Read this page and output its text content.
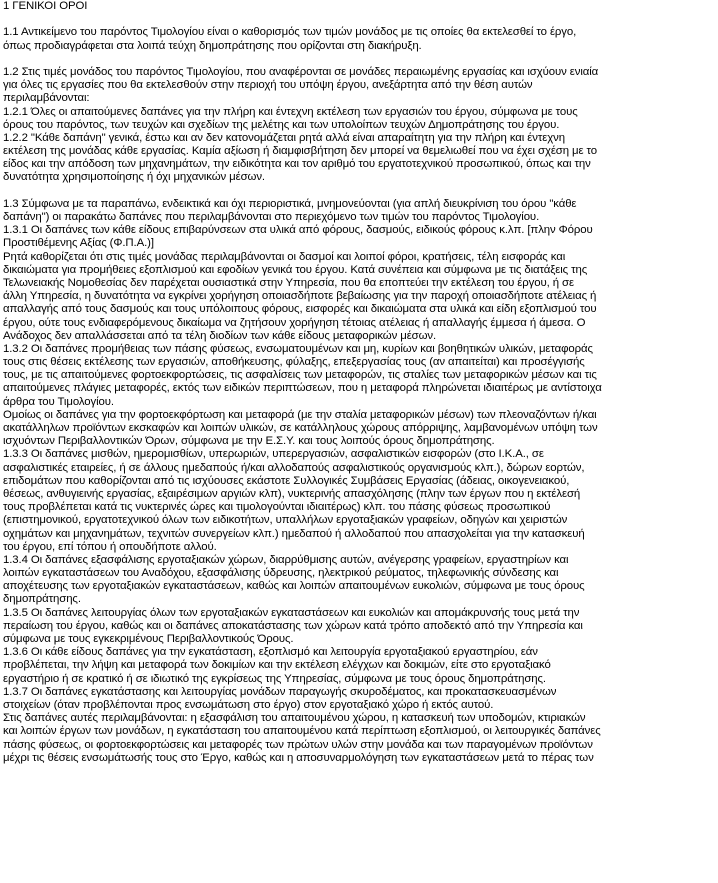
1 ΓΕΝΙΚΟΙ ΟΡΟΙ
1.1 Αντικείμενο του παρόντος Τιμολογίου είναι ο καθορισμός των τιμών μονάδος με τις οποίες θα εκτελεσθεί το έργο,
όπως προδιαγράφεται στα λοιπά τεύχη δημοπράτησης που ορίζονται στη διακήρυξη.
1.2 Στις τιμές μονάδος του παρόντος Τιμολογίου, που αναφέρονται σε μονάδες περαιωμένης εργασίας και ισχύουν ενιαία
για όλες τις εργασίες που θα εκτελεσθούν στην περιοχή του υπόψη έργου, ανεξάρτητα από την θέση αυτών
περιλαμβάνονται:
1.2.1 Όλες οι απαιτούμενες δαπάνες για την πλήρη και έντεχνη εκτέλεση των εργασιών του έργου, σύμφωνα με τους
όρους του παρόντος, των τευχών και σχεδίων της μελέτης και των υπολοίπων τευχών Δημοπράτησης του έργου.
1.2.2 "Κάθε δαπάνη" γενικά, έστω και αν δεν κατονομάζεται ρητά αλλά είναι απαραίτητη για την πλήρη και έντεχνη
εκτέλεση της μονάδας κάθε εργασίας. Καμία αξίωση ή διαμφισβήτηση δεν μπορεί να θεμελιωθεί που να έχει σχέση με το
είδος και την απόδοση των μηχανημάτων, την ειδικότητα και τον αριθμό του εργατοτεχνικού προσωπικού, όπως και την
δυνατότητα χρησιμοποίησης ή όχι μηχανικών μέσων.
1.3 Σύμφωνα με τα παραπάνω, ενδεικτικά και όχι περιοριστικά, μνημονεύονται (για απλή διευκρίνιση του όρου "κάθε
δαπάνη") οι παρακάτω δαπάνες που περιλαμβάνονται στο περιεχόμενο των τιμών του παρόντος Τιμολογίου.
1.3.1 Οι δαπάνες των κάθε είδους επιβαρύνσεων στα υλικά από φόρους, δασμούς, ειδικούς φόρους κ.λπ. [πλην Φόρου
Προστιθέμενης Αξίας (Φ.Π.Α.)]
Ρητά καθορίζεται ότι στις τιμές μονάδας περιλαμβάνονται οι δασμοί και λοιποί φόροι, κρατήσεις, τέλη εισφοράς και
δικαιώματα για προμήθειες εξοπλισμού και εφοδίων γενικά του έργου. Κατά συνέπεια και σύμφωνα με τις διατάξεις της
Τελωνειακής Νομοθεσίας δεν παρέχεται ουσιαστικά στην Υπηρεσία, που θα εποπτεύει την εκτέλεση του έργου, ή σε
άλλη Υπηρεσία, η δυνατότητα να εγκρίνει χορήγηση οποιασδήποτε βεβαίωσης για την παροχή οποιασδήποτε ατέλειας ή
απαλλαγής από τους δασμούς και τους υπόλοιπους φόρους, εισφορές και δικαιώματα στα υλικά και είδη εξοπλισμού του
έργου, ούτε τους ενδιαφερόμενους δικαίωμα να ζητήσουν χορήγηση τέτοιας ατέλειας ή απαλλαγής έμμεσα ή άμεσα. Ο
Ανάδοχος δεν απαλλάσσεται από τα τέλη διοδίων των κάθε είδους μεταφορικών μέσων.
1.3.2 Οι δαπάνες προμήθειας των πάσης φύσεως, ενσωματουμένων και μη, κυρίων και βοηθητικών υλικών, μεταφοράς
τους στις θέσεις εκτέλεσης των εργασιών, αποθήκευσης, φύλαξης, επεξεργασίας τους (αν απαιτείται) και προσέγγισής
τους, με τις απαιτούμενες φορτοεκφορτώσεις, τις ασφαλίσεις των μεταφορών, τις σταλίες των μεταφορικών μέσων και τις
απαιτούμενες πλάγιες μεταφορές, εκτός των ειδικών περιπτώσεων, που η μεταφορά πληρώνεται ιδιαιτέρως με αντίστοιχα
άρθρα του Τιμολογίου.
Ομοίως οι δαπάνες για την φορτοεκφόρτωση και μεταφορά (με την σταλία μεταφορικών μέσων) των πλεοναζόντων ή/και
ακατάλληλων προϊόντων εκσκαφών και λοιπών υλικών, σε κατάλληλους χώρους απόρριψης, λαμβανομένων υπόψη των
ισχυόντων Περιβαλλοντικών Όρων, σύμφωνα με την Ε.Σ.Υ. και τους λοιπούς όρους δημοπράτησης.
1.3.3 Οι δαπάνες μισθών, ημερομισθίων, υπερωριών, υπερεργασιών, ασφαλιστικών εισφορών (στο Ι.Κ.Α., σε
ασφαλιστικές εταιρείες, ή σε άλλους ημεδαπούς ή/και αλλοδαπούς ασφαλιστικούς οργανισμούς κλπ.), δώρων εορτών,
επιδομάτων που καθορίζονται από τις ισχύουσες εκάστοτε Συλλογικές Συμβάσεις Εργασίας (άδειας, οικογενειακού,
θέσεως, ανθυγιεινής εργασίας, εξαιρέσιμων αργιών κλπ), νυκτερινής απασχόλησης (πλην των έργων που η εκτέλεσή
τους προβλέπεται κατά τις νυκτερινές ώρες και τιμολογούνται ιδιαιτέρως) κλπ. του πάσης φύσεως προσωπικού
(επιστημονικού, εργατοτεχνικού όλων των ειδικοτήτων, υπαλλήλων εργοταξιακών γραφείων, οδηγών και χειριστών
οχημάτων και μηχανημάτων, τεχνιτών συνεργείων κλπ.) ημεδαπού ή αλλοδαπού που απασχολείται για την κατασκευή
του έργου, επί τόπου ή οπουδήποτε αλλού.
1.3.4 Οι δαπάνες εξασφάλισης εργοταξιακών χώρων, διαρρύθμισης αυτών, ανέγερσης γραφείων, εργαστηρίων και
λοιπών εγκαταστάσεων του Αναδόχου, εξασφάλισης ύδρευσης, ηλεκτρικού ρεύματος, τηλεφωνικής σύνδεσης και
αποχέτευσης των εργοταξιακών εγκαταστάσεων, καθώς και λοιπών απαιτουμένων ευκολιών, σύμφωνα με τους όρους
δημοπράτησης.
1.3.5 Οι δαπάνες λειτουργίας όλων των εργοταξιακών εγκαταστάσεων και ευκολιών και απομάκρυνσής τους μετά την
περαίωση του έργου, καθώς και οι δαπάνες αποκατάστασης των χώρων κατά τρόπο αποδεκτό από την Υπηρεσία και
σύμφωνα με τους εγκεκριμένους Περιβαλλοντικούς Όρους.
1.3.6 Οι κάθε είδους δαπάνες για την εγκατάσταση, εξοπλισμό και λειτουργία εργοταξιακού εργαστηρίου, εάν
προβλέπεται, την λήψη και μεταφορά των δοκιμίων και την εκτέλεση ελέγχων και δοκιμών, είτε στο εργοταξιακό
εργαστήριο ή σε κρατικό ή σε ιδιωτικό της εγκρίσεως της Υπηρεσίας, σύμφωνα με τους όρους δημοπράτησης.
1.3.7 Οι δαπάνες εγκατάστασης και λειτουργίας μονάδων παραγωγής σκυροδέματος, και προκατασκευασμένων
στοιχείων (όταν προβλέπονται προς ενσωμάτωση στο έργο) στον εργοταξιακό χώρο ή εκτός αυτού.
Στις δαπάνες αυτές περιλαμβάνονται: η εξασφάλιση του απαιτουμένου χώρου, η κατασκευή των υποδομών, κτιριακών
και λοιπών έργων των μονάδων, η εγκατάσταση του απαιτουμένου κατά περίπτωση εξοπλισμού, οι λειτουργικές δαπάνες
πάσης φύσεως, οι φορτοεκφορτώσεις και μεταφορές των πρώτων υλών στην μονάδα και των παραγομένων προϊόντων
μέχρι τις θέσεις ενσωμάτωσής τους στο Έργο, καθώς και η αποσυναρμολόγηση των εγκαταστάσεων μετά το πέρας των
